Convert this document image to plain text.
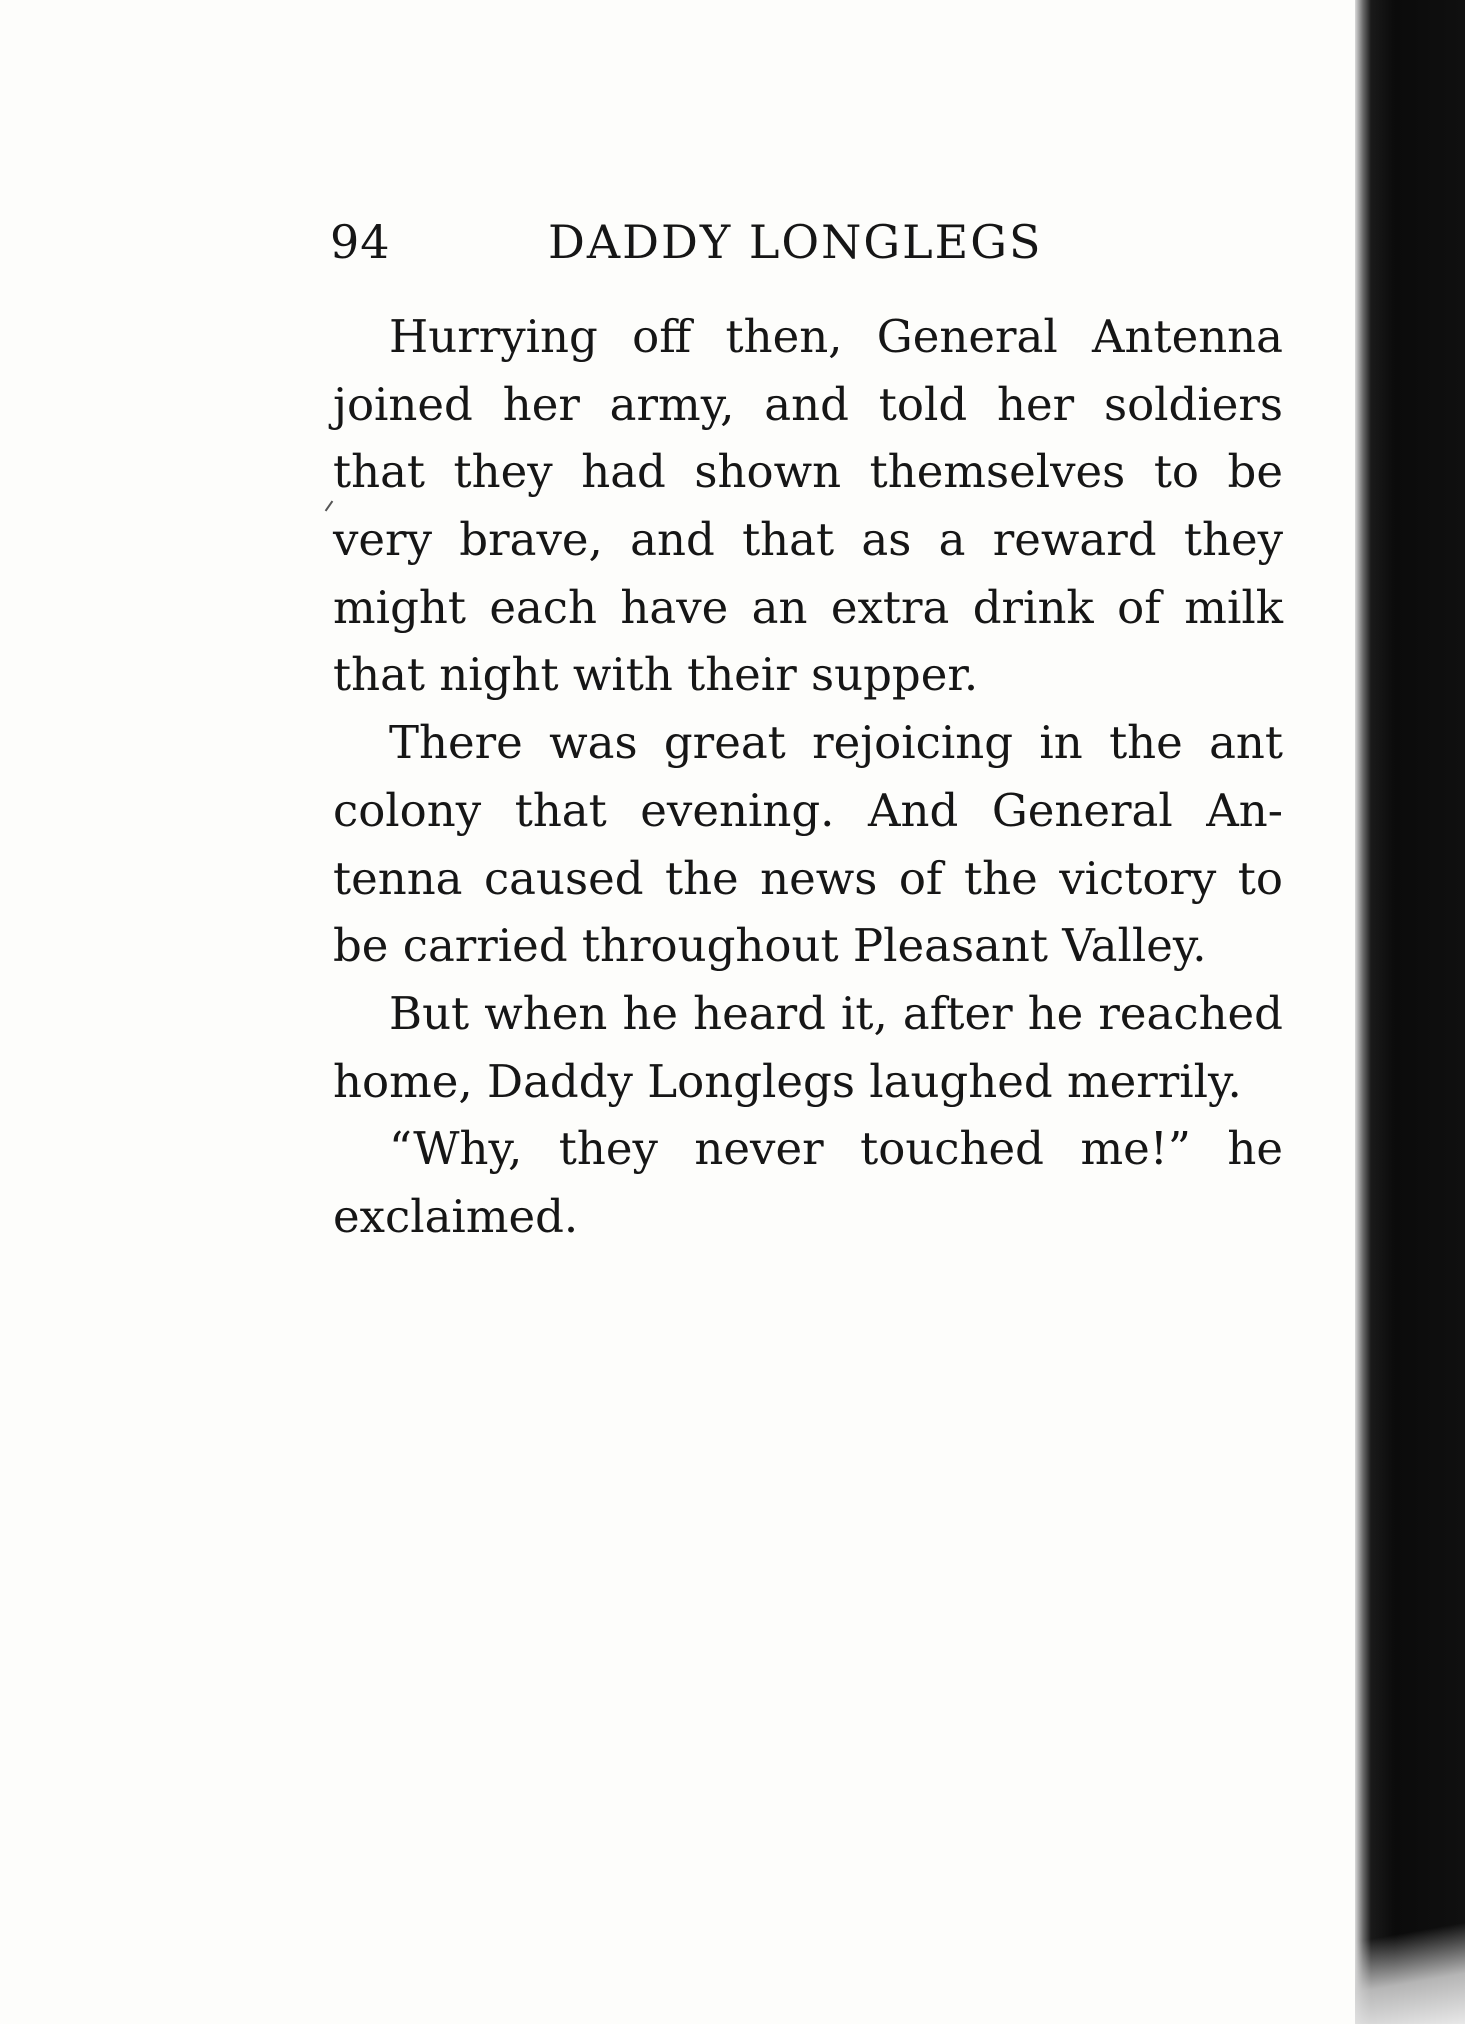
94	DADDY LONGLEGS
Hurrying off then, General Antenna
joined her army, and told her soldiers
that they had shown themselves to be
very brave, and that as a reward they
might each have an extra drink of milk
that night with their supper.
There was great rejoicing in the ant
colony that evening. And General An-
tenna caused the news of the victory to
be carried throughout Pleasant Valley.
But when he heard it, after he reached
home, Daddy Longlegs laughed merrily.
“Why, they never touched me!” he
exclaimed.
